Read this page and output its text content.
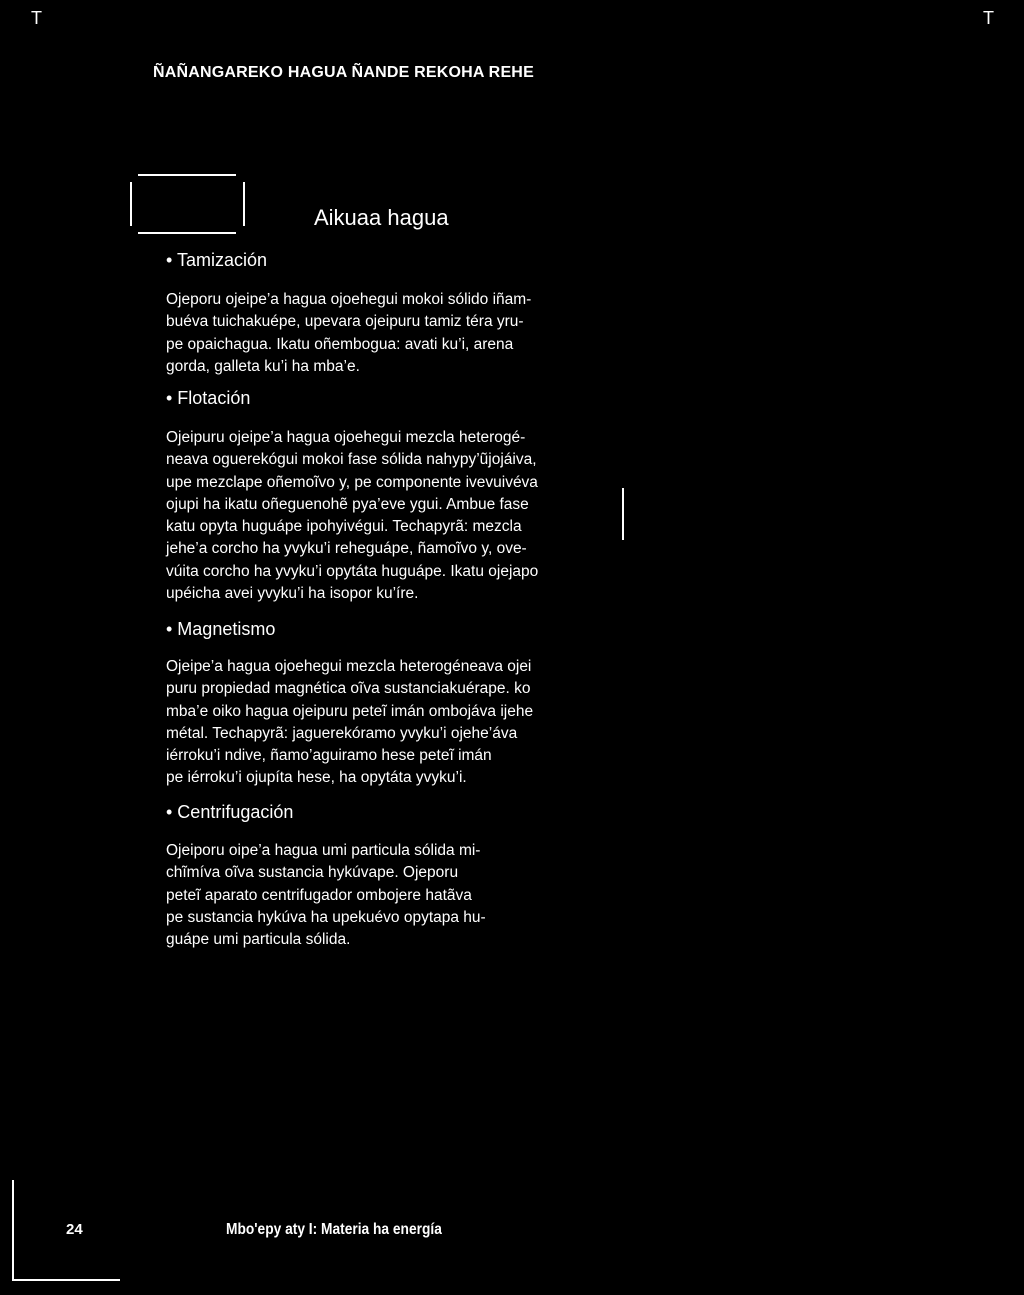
T	T
ÑAÑANGAREKO HAGUA ÑANDE REKOHA REHE
Aikuaa hagua
• Tamización
Ojeporu ojeipe’a hagua ojoehegui mokoi sólido iñam-
buéva tuichakuépe, upevara ojeipuru tamiz téra yru-
pe opaichagua. Ikatu oñembogua: avati ku’i, arena
gorda, galleta ku’i ha mba’e.
• Flotación
Ojeipuru ojeipe’a hagua ojoehegui mezcla heterogé-
neava oguerekógui mokoi fase sólida nahypy’ũjojáiva,
upe mezclape oñemoĩvo y, pe componente ivevuivéva
ojupi ha ikatu oñeguenohẽ pya’eve ygui. Ambue fase
katu opyta huguápe ipohyivégui. Techapyrã: mezcla
jehe’a corcho ha yvyku’i reheguápe, ñamoĩvo y, ove-
vúita corcho ha yvyku’i opytáta huguápe. Ikatu ojejapo
upéicha avei yvyku’i ha isopor ku’íre.
• Magnetismo
Ojeipe’a hagua ojoehegui mezcla heterogéneava ojei
puru propiedad magnética oĩva sustanciakuérape. ko
mba’e oiko hagua ojeipuru peteĩ imán ombojáva ijehe
métal. Techapyrã: jaguerekóramo yvyku’i ojehe’áva
iérroku’i ndive, ñamo’aguiramo hese peteĩ imán
pe iérroku’i ojupíta hese, ha opytáta yvyku’i.
• Centrifugación
Ojeiporu oipe’a hagua umi particula sólida mi-
chĩmíva oĩva sustancia hykúvape. Ojeporu
peteĩ aparato centrifugador ombojere hatãva
pe sustancia hykúva ha upekuévo opytapa hu-
guápe umi particula sólida.
24	Mbo'epy aty I: Materia ha energía
